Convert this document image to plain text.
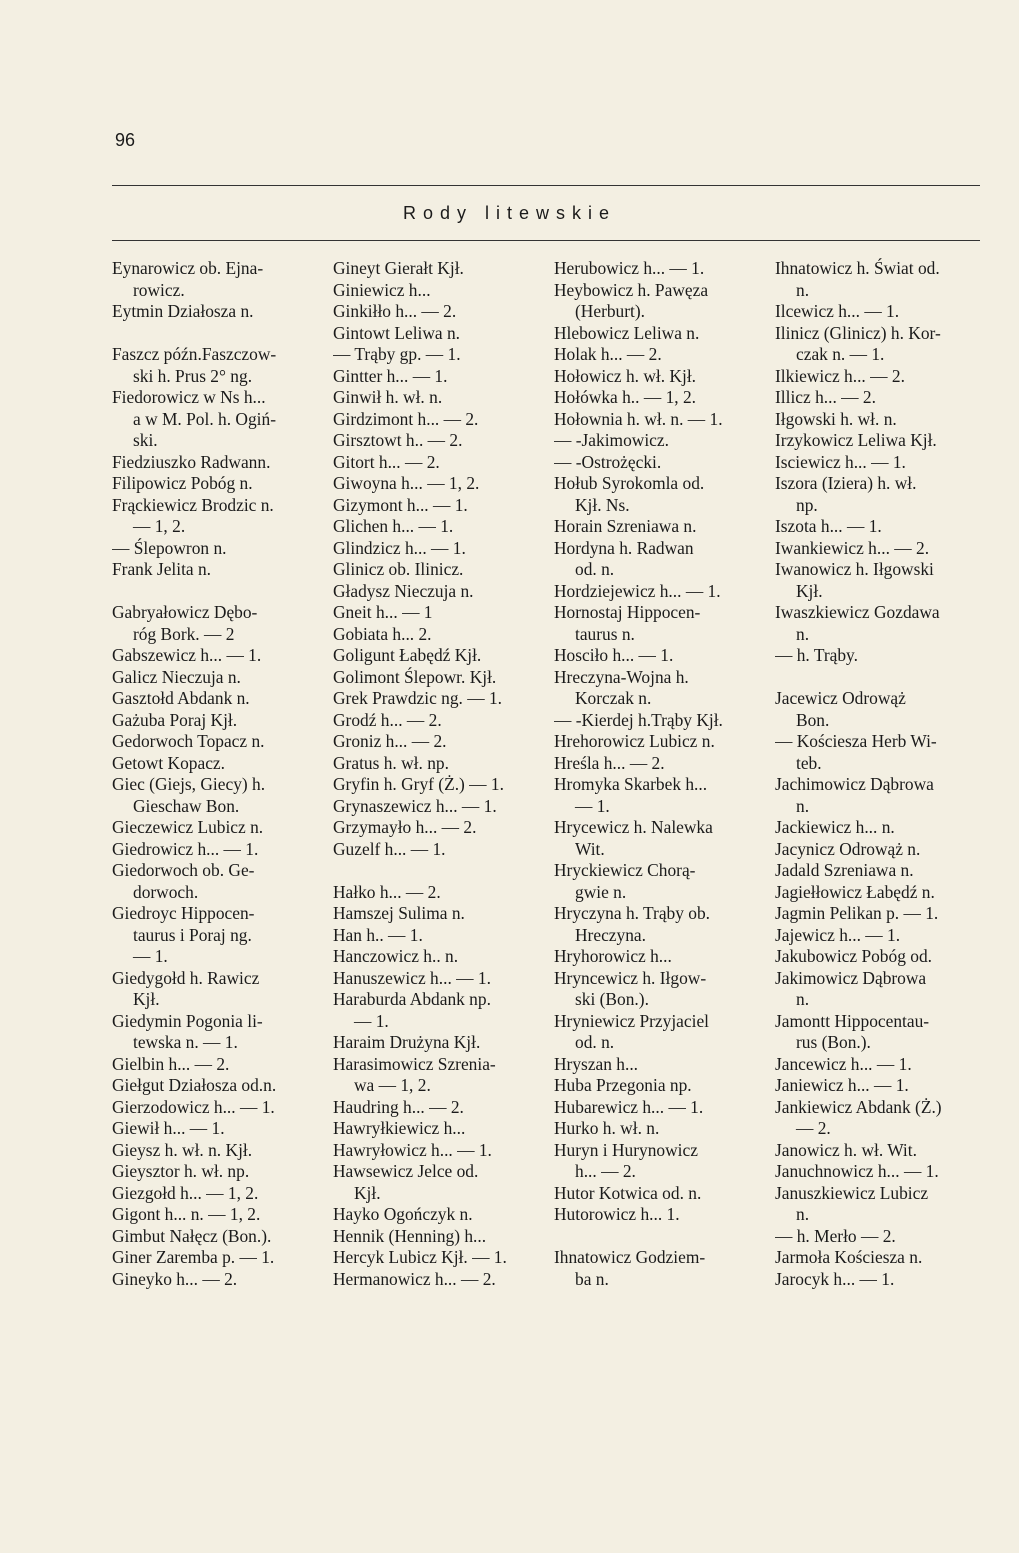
96
Rody litewskie
Eynarowicz ob. Ejna-
rowicz.
Eytmin Działosza n.
Faszcz późn.Faszczow-
ski h. Prus 2° ng.
Fiedorowicz w Ns h...
a w M. Pol. h. Ogiń-
ski.
Fiedziuszko Radwann.
Filipowicz Pobóg n.
Frąckiewicz Brodzic n.
— 1, 2.
— Ślepowron n.
Frank Jelita n.
Gabryałowicz Dębo-
róg Bork. — 2
Gabszewicz h... — 1.
Galicz Nieczuja n.
Gasztołd Abdank n.
Gażuba Poraj Kjł.
Gedorwoch Topacz n.
Getowt Kopacz.
Giec (Giejs, Giecy) h.
Gieschaw Bon.
Gieczewicz Lubicz n.
Giedrowicz h... — 1.
Giedorwoch ob. Ge-
dorwoch.
Giedroyc Hippocen-
taurus i Poraj ng.
— 1.
Giedygołd h. Rawicz
Kjł.
Giedymin Pogonia li-
tewska n. — 1.
Gielbin h... — 2.
Giełgut Działosza od.n.
Gierzodowicz h... — 1.
Giewił h... — 1.
Gieysz h. wł. n. Kjł.
Gieysztor h. wł. np.
Giezgołd h... — 1, 2.
Gigont h... n. — 1, 2.
Gimbut Nałęcz (Bon.).
Giner Zaremba p. — 1.
Gineyko h... — 2.
Gineyt Gierałt Kjł.
Giniewicz h...
Ginkiłło h... — 2.
Gintowt Leliwa n.
— Trąby gp. — 1.
Gintter h... — 1.
Ginwił h. wł. n.
Girdzimont h... — 2.
Girsztowt h.. — 2.
Gitort h... — 2.
Giwoyna h... — 1, 2.
Gizymont h... — 1.
Glichen h... — 1.
Glindzicz h... — 1.
Glinicz ob. Ilinicz.
Gładysz Nieczuja n.
Gneit h... — 1
Gobiata h... 2.
Goligunt Łabędź Kjł.
Golimont Ślepowr. Kjł.
Grek Prawdzic ng. — 1.
Grodź h... — 2.
Groniz h... — 2.
Gratus h. wł. np.
Gryfin h. Gryf (Ż.) — 1.
Grynaszewicz h... — 1.
Grzymayło h... — 2.
Guzelf h... — 1.
Hałko h... — 2.
Hamszej Sulima n.
Han h.. — 1.
Hanczowicz h.. n.
Hanuszewicz h... — 1.
Haraburda Abdank np.
— 1.
Haraim Drużyna Kjł.
Harasimowicz Szrenia-
wa — 1, 2.
Haudring h... — 2.
Hawryłkiewicz h...
Hawryłowicz h... — 1.
Hawsewicz Jelce od.
Kjł.
Hayko Ogończyk n.
Hennik (Henning) h...
Hercyk Lubicz Kjł. — 1.
Hermanowicz h... — 2.
Herubowicz h... — 1.
Heybowicz h. Pawęza
(Herburt).
Hlebowicz Leliwa n.
Holak h... — 2.
Hołowicz h. wł. Kjł.
Hołówka h.. — 1, 2.
Hołownia h. wł. n. — 1.
— -Jakimowicz.
— -Ostrożęcki.
Hołub Syrokomla od.
Kjł. Ns.
Horain Szreniawa n.
Hordyna h. Radwan
od. n.
Hordziejewicz h... — 1.
Hornostaj Hippocen-
taurus n.
Hosciło h... — 1.
Hreczyna-Wojna h.
Korczak n.
— -Kierdej h.Trąby Kjł.
Hrehorowicz Lubicz n.
Hreśla h... — 2.
Hromyka Skarbek h...
— 1.
Hrycewicz h. Nalewka
Wit.
Hryckiewicz Chorą-
gwie n.
Hryczyna h. Trąby ob.
Hreczyna.
Hryhorowicz h...
Hryncewicz h. Iłgow-
ski (Bon.).
Hryniewicz Przyjaciel
od. n.
Hryszan h...
Huba Przegonia np.
Hubarewicz h... — 1.
Hurko h. wł. n.
Huryn i Hurynowicz
h... — 2.
Hutor Kotwica od. n.
Hutorowicz h... 1.
Ihnatowicz Godziem-
ba n.
Ihnatowicz h. Świat od.
n.
Ilcewicz h... — 1.
Ilinicz (Glinicz) h. Kor-
czak n. — 1.
Ilkiewicz h... — 2.
Illicz h... — 2.
Iłgowski h. wł. n.
Irzykowicz Leliwa Kjł.
Isciewicz h... — 1.
Iszora (Iziera) h. wł.
np.
Iszota h... — 1.
Iwankiewicz h... — 2.
Iwanowicz h. Iłgowski
Kjł.
Iwaszkiewicz Gozdawa
n.
— h. Trąby.
Jacewicz Odrowąż
Bon.
— Kościesza Herb Wi-
teb.
Jachimowicz Dąbrowa
n.
Jackiewicz h... n.
Jacynicz Odrowąż n.
Jadald Szreniawa n.
Jagiełłowicz Łabędź n.
Jagmin Pelikan p. — 1.
Jajewicz h... — 1.
Jakubowicz Pobóg od.
Jakimowicz Dąbrowa
n.
Jamontt Hippocentau-
rus (Bon.).
Jancewicz h... — 1.
Janiewicz h... — 1.
Jankiewicz Abdank (Ż.)
— 2.
Janowicz h. wł. Wit.
Januchnowicz h... — 1.
Januszkiewicz Lubicz
n.
— h. Merło — 2.
Jarmoła Kościesza n.
Jarocyk h... — 1.
